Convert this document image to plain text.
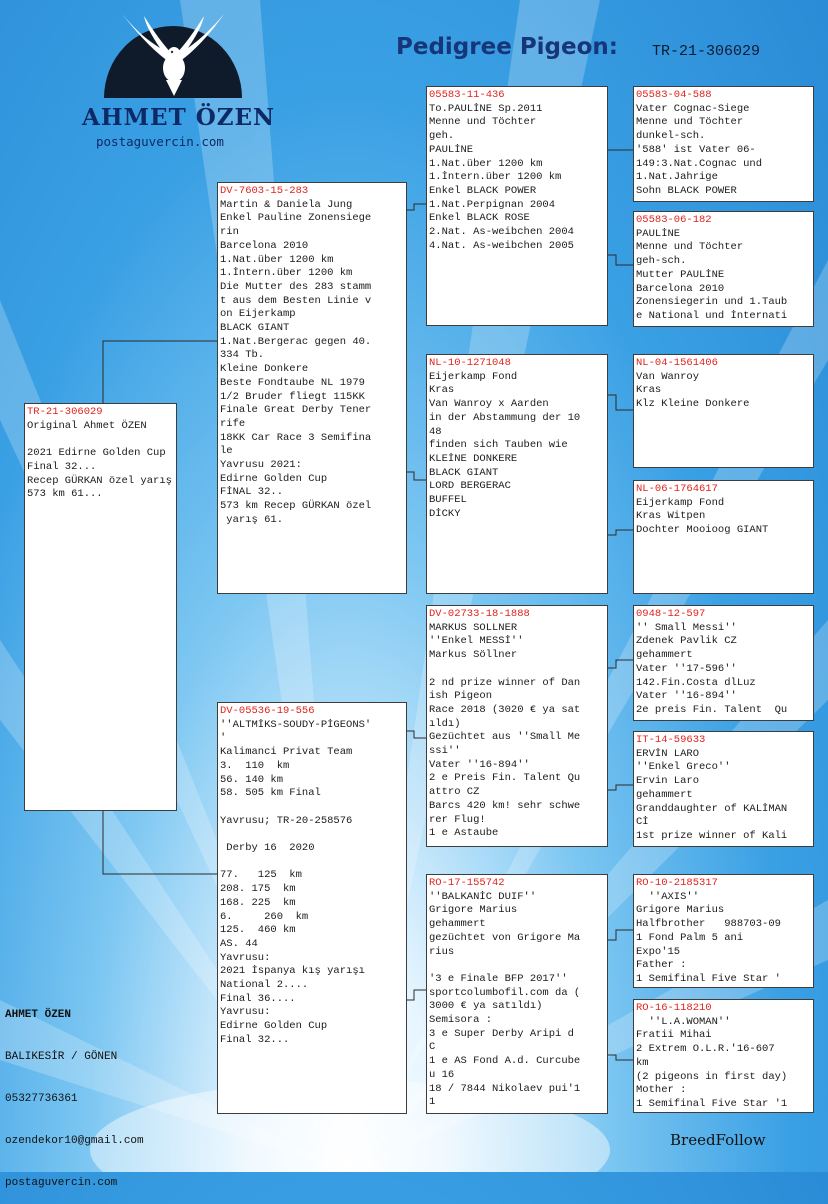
AHMET ÖZEN
postaguvercin.com
Pedigree Pigeon: TR-21-306029
TR-21-306029
Original Ahmet ÖZEN

2021 Edirne Golden Cup
Final 32...
Recep GÜRKAN özel yarış
573 km 61...
DV-7603-15-283
Martin & Daniela Jung
Enkel Pauline Zonensiege
rin
Barcelona 2010
1.Nat.über 1200 km
1.İntern.über 1200 km
Die Mutter des 283 stamm
t aus dem Besten Linie v
on Eijerkamp
BLACK GIANT
1.Nat.Bergerac gegen 40.
334 Tb.
Kleine Donkere
Beste Fondtaube NL 1979
1/2 Bruder fliegt 115KK
Finale Great Derby Tener
rife
18KK Car Race 3 Semifina
le
Yavrusu 2021:
Edirne Golden Cup
FİNAL 32..
573 km Recep GÜRKAN özel
yarış 61.
DV-05536-19-556
''ALTMİKS-SOUDY-PİGEONS'
'
Kalimanci Privat Team
3.  110  km
56. 140 km
58. 505 km Final

Yavrusu; TR-20-258576

Derby 16  2020

77.   125  km
208. 175  km
168. 225  km
6.     260  km
125.  460 km
AS. 44
Yavrusu:
2021 İspanya kış yarışı
National 2....
Final 36....
Yavrusu:
Edirne Golden Cup
Final 32...
05583-11-436
To.PAULİNE Sp.2011
Menne und Töchter
geh.
PAULİNE
1.Nat.über 1200 km
1.İntern.über 1200 km
Enkel BLACK POWER
1.Nat.Perpignan 2004
Enkel BLACK ROSE
2.Nat. As-weibchen 2004
4.Nat. As-weibchen 2005
NL-10-1271048
Eijerkamp Fond
Kras
Van Wanroy x Aarden
in der Abstammung der 10
48
finden sich Tauben wie
KLEİNE DONKERE
BLACK GIANT
LORD BERGERAC
BUFFEL
DİCKY
DV-02733-18-1888
MARKUS SOLLNER
''Enkel MESSİ''
Markus Söllner

2 nd prize winner of Dan
ish Pigeon
Race 2018 (3020 € ya sat
ıldı)
Gezüchtet aus ''Small Me
ssi''
Vater ''16-894''
2 e Preis Fin. Talent Qu
attro CZ
Barcs 420 km! sehr schwe
rer Flug!
1 e Astaube
RO-17-155742
''BALKANİC DUIF''
Grigore Marius
gehammert
gezüchtet von Grigore Ma
rius

'3 e Finale BFP 2017''
sportcolumbofil.com da (
3000 € ya satıldı)
Semisora :
3 e Super Derby Aripi d
C
1 e AS Fond A.d. Curcube
u 16
18 / 7844 Nikolaev pui'1
1
05583-04-588
Vater Cognac-Siege
Menne und Töchter
dunkel-sch.
'588' ist Vater 06-
149:3.Nat.Cognac und
1.Nat.Jahrige
Sohn BLACK POWER
05583-06-182
PAULİNE
Menne und Töchter
geh-sch.
Mutter PAULİNE
Barcelona 2010
Zonensiegerin und 1.Taub
e National und İnternati
NL-04-1561406
Van Wanroy
Kras
Klz Kleine Donkere
NL-06-1764617
Eijerkamp Fond
Kras Witpen
Dochter Mooioog GIANT
0948-12-597
'' Small Messi''
Zdenek Pavlik CZ
gehammert
Vater ''17-596''
142.Fin.Costa dlLuz
Vater ''16-894''
2e preis Fin. Talent  Qu
IT-14-59633
ERVİN LARO
''Enkel Greco''
Ervin Laro
gehammert
Granddaughter of KALİMAN
Cİ
1st prize winner of Kali
RO-10-2185317
''AXIS''
Grigore Marius
Halfbrother   988703-09
1 Fond Palm 5 ani
Expo'15
Father :
1 Semifinal Five Star '
RO-16-118210
''L.A.WOMAN''
Fratii Mihai
2 Extrem O.L.R.'16-607
km
(2 pigeons in first day)
Mother :
1 Semifinal Five Star '1

AHMET ÖZEN

BALIKESİR / GÖNEN

05327736361

ozendekor10@gmail.com

postaguvercin.com

BreedFollow
